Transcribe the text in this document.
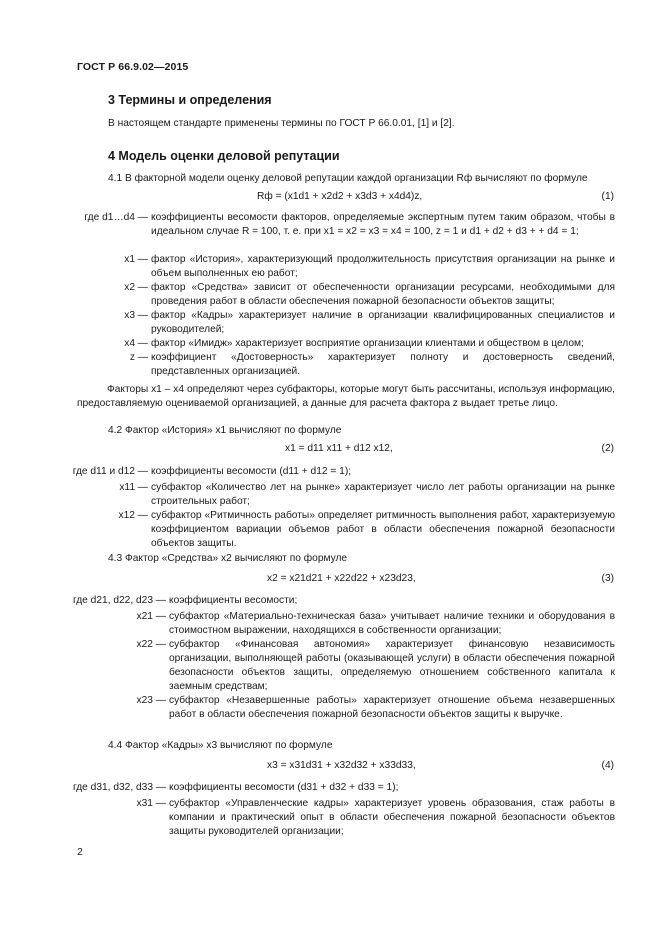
ГОСТ Р 66.9.02—2015
3 Термины и определения
В настоящем стандарте применены термины по ГОСТ Р 66.0.01, [1] и [2].
4 Модель оценки деловой репутации
4.1 В факторной модели оценку деловой репутации каждой организации Rф вычисляют по формуле
Rф = (x1d1 + x2d2 + x3d3 + x4d4)z,	(1)
где d1…d4 — коэффициенты весомости факторов, определяемые экспертным путем таким образом, чтобы в идеальном случае R = 100, т. е. при x1 = x2 = x3 = x4 = 100, z = 1 и d1 + d2 + d3 + + d4 = 1;
x1 — фактор «История», характеризующий продолжительность присутствия организации на рынке и объем выполненных ею работ;
x2 — фактор «Средства» зависит от обеспеченности организации ресурсами, необходимыми для проведения работ в области обеспечения пожарной безопасности объектов защиты;
x3 — фактор «Кадры» характеризует наличие в организации квалифицированных специалистов и руководителей;
x4 — фактор «Имидж» характеризует восприятие организации клиентами и обществом в целом;
z — коэффициент «Достоверность» характеризует полноту и достоверность сведений, представленных организацией.
Факторы x1 – x4 определяют через субфакторы, которые могут быть рассчитаны, используя информацию, предоставляемую оцениваемой организацией, а данные для расчета фактора z выдает третье лицо.
4.2 Фактор «История» x1 вычисляют по формуле
x1 = d11 x11 + d12 x12,	(2)
где d11 и d12 — коэффициенты весомости (d11 + d12 = 1);
x11 — субфактор «Количество лет на рынке» характеризует число лет работы организации на рынке строительных работ;
x12 — субфактор «Ритмичность работы» определяет ритмичность выполнения работ, характеризуемую коэффициентом вариации объемов работ в области обеспечения пожарной безопасности объектов защиты.
4.3 Фактор «Средства» x2 вычисляют по формуле
x2 = x21d21 + x22d22 + x23d23,	(3)
где d21, d22, d23 — коэффициенты весомости;
x21 — субфактор «Материально-техническая база» учитывает наличие техники и оборудования в стоимостном выражении, находящихся в собственности организации;
x22 — субфактор «Финансовая автономия» характеризует финансовую независимость организации, выполняющей работы (оказывающей услуги) в области обеспечения пожарной безопасности объектов защиты, определяемую отношением собственного капитала к заемным средствам;
x23 — субфактор «Незавершенные работы» характеризует отношение объема незавершенных работ в области обеспечения пожарной безопасности объектов защиты к выручке.
4.4 Фактор «Кадры» x3 вычисляют по формуле
x3 = x31d31 + x32d32 + x33d33,	(4)
где d31, d32, d33 — коэффициенты весомости (d31 + d32 + d33 = 1);
x31 — субфактор «Управленческие кадры» характеризует уровень образования, стаж работы в компании и практический опыт в области обеспечения пожарной безопасности объектов защиты руководителей организации;
2
